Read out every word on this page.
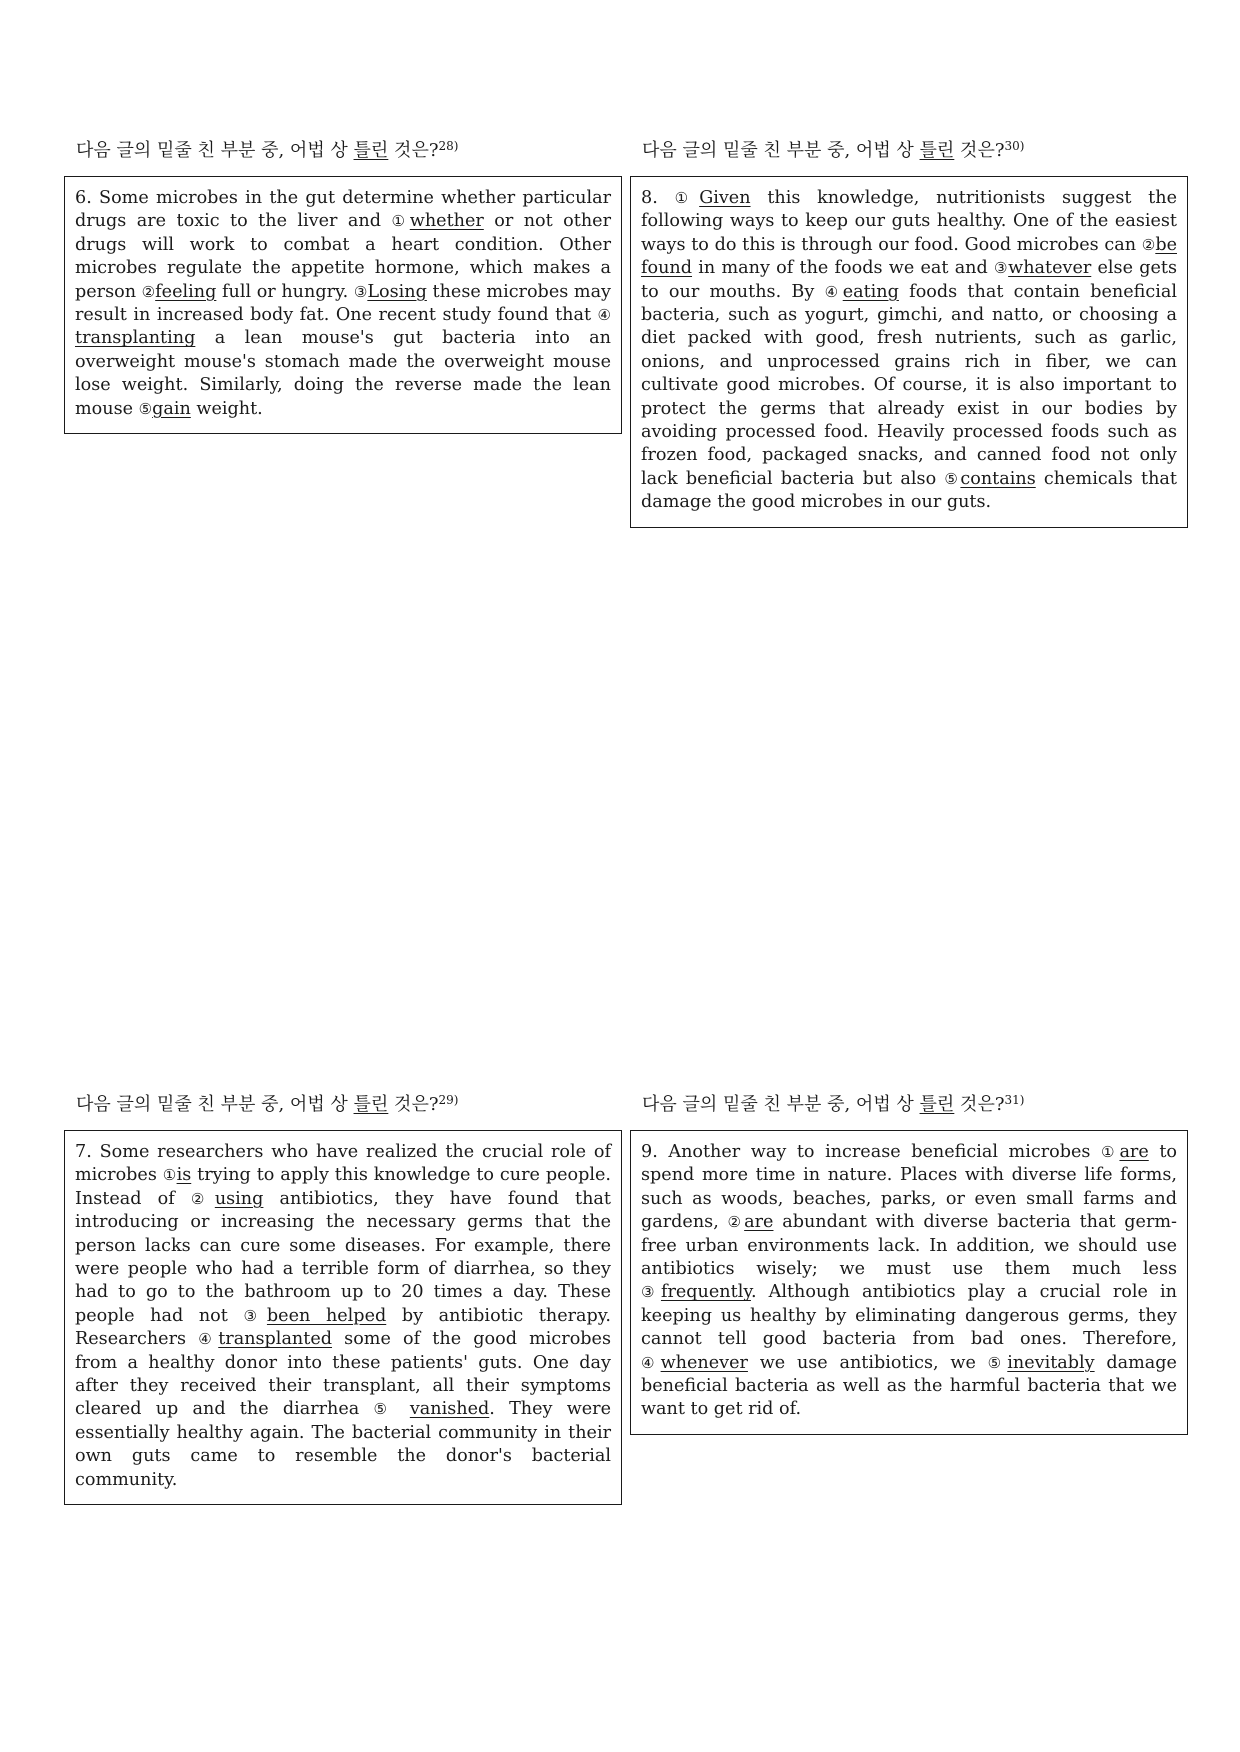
다음 글의 밑줄 친 부분 중, 어법 상 틀린 것은?$^{28)}$
6. Some microbes in the gut determine whether particular drugs are toxic to the liver and ①whether or not other drugs will work to combat a heart condition. Other microbes regulate the appetite hormone, which makes a person ②feeling full or hungry. ③Losing these microbes may result in increased body fat. One recent study found that ④ transplanting a lean mouse's gut bacteria into an overweight mouse's stomach made the overweight mouse lose weight. Similarly, doing the reverse made the lean mouse ⑤gain weight.
다음 글의 밑줄 친 부분 중, 어법 상 틀린 것은?$^{30)}$
8. ①Given this knowledge, nutritionists suggest the following ways to keep our guts healthy. One of the easiest ways to do this is through our food. Good microbes can ②be found in many of the foods we eat and ③whatever else gets to our mouths. By ④eating foods that contain beneficial bacteria, such as yogurt, gimchi, and natto, or choosing a diet packed with good, fresh nutrients, such as garlic, onions, and unprocessed grains rich in fiber, we can cultivate good microbes. Of course, it is also important to protect the germs that already exist in our bodies by avoiding processed food. Heavily processed foods such as frozen food, packaged snacks, and canned food not only lack beneficial bacteria but also ⑤contains chemicals that damage the good microbes in our guts.
다음 글의 밑줄 친 부분 중, 어법 상 틀린 것은?$^{29)}$
7. Some researchers who have realized the crucial role of microbes ①is trying to apply this knowledge to cure people. Instead of ②using antibiotics, they have found that introducing or increasing the necessary germs that the person lacks can cure some diseases. For example, there were people who had a terrible form of diarrhea, so they had to go to the bathroom up to 20 times a day. These people had not ③been helped by antibiotic therapy. Researchers ④transplanted some of the good microbes from a healthy donor into these patients' guts. One day after they received their transplant, all their symptoms cleared up and the diarrhea ⑤ vanished. They were essentially healthy again. The bacterial community in their own guts came to resemble the donor's bacterial community.
다음 글의 밑줄 친 부분 중, 어법 상 틀린 것은?$^{31)}$
9. Another way to increase beneficial microbes ①are to spend more time in nature. Places with diverse life forms, such as woods, beaches, parks, or even small farms and gardens, ②are abundant with diverse bacteria that germ-free urban environments lack. In addition, we should use antibiotics wisely; we must use them much less ③frequently. Although antibiotics play a crucial role in keeping us healthy by eliminating dangerous germs, they cannot tell good bacteria from bad ones. Therefore, ④whenever we use antibiotics, we ⑤inevitably damage beneficial bacteria as well as the harmful bacteria that we want to get rid of.
